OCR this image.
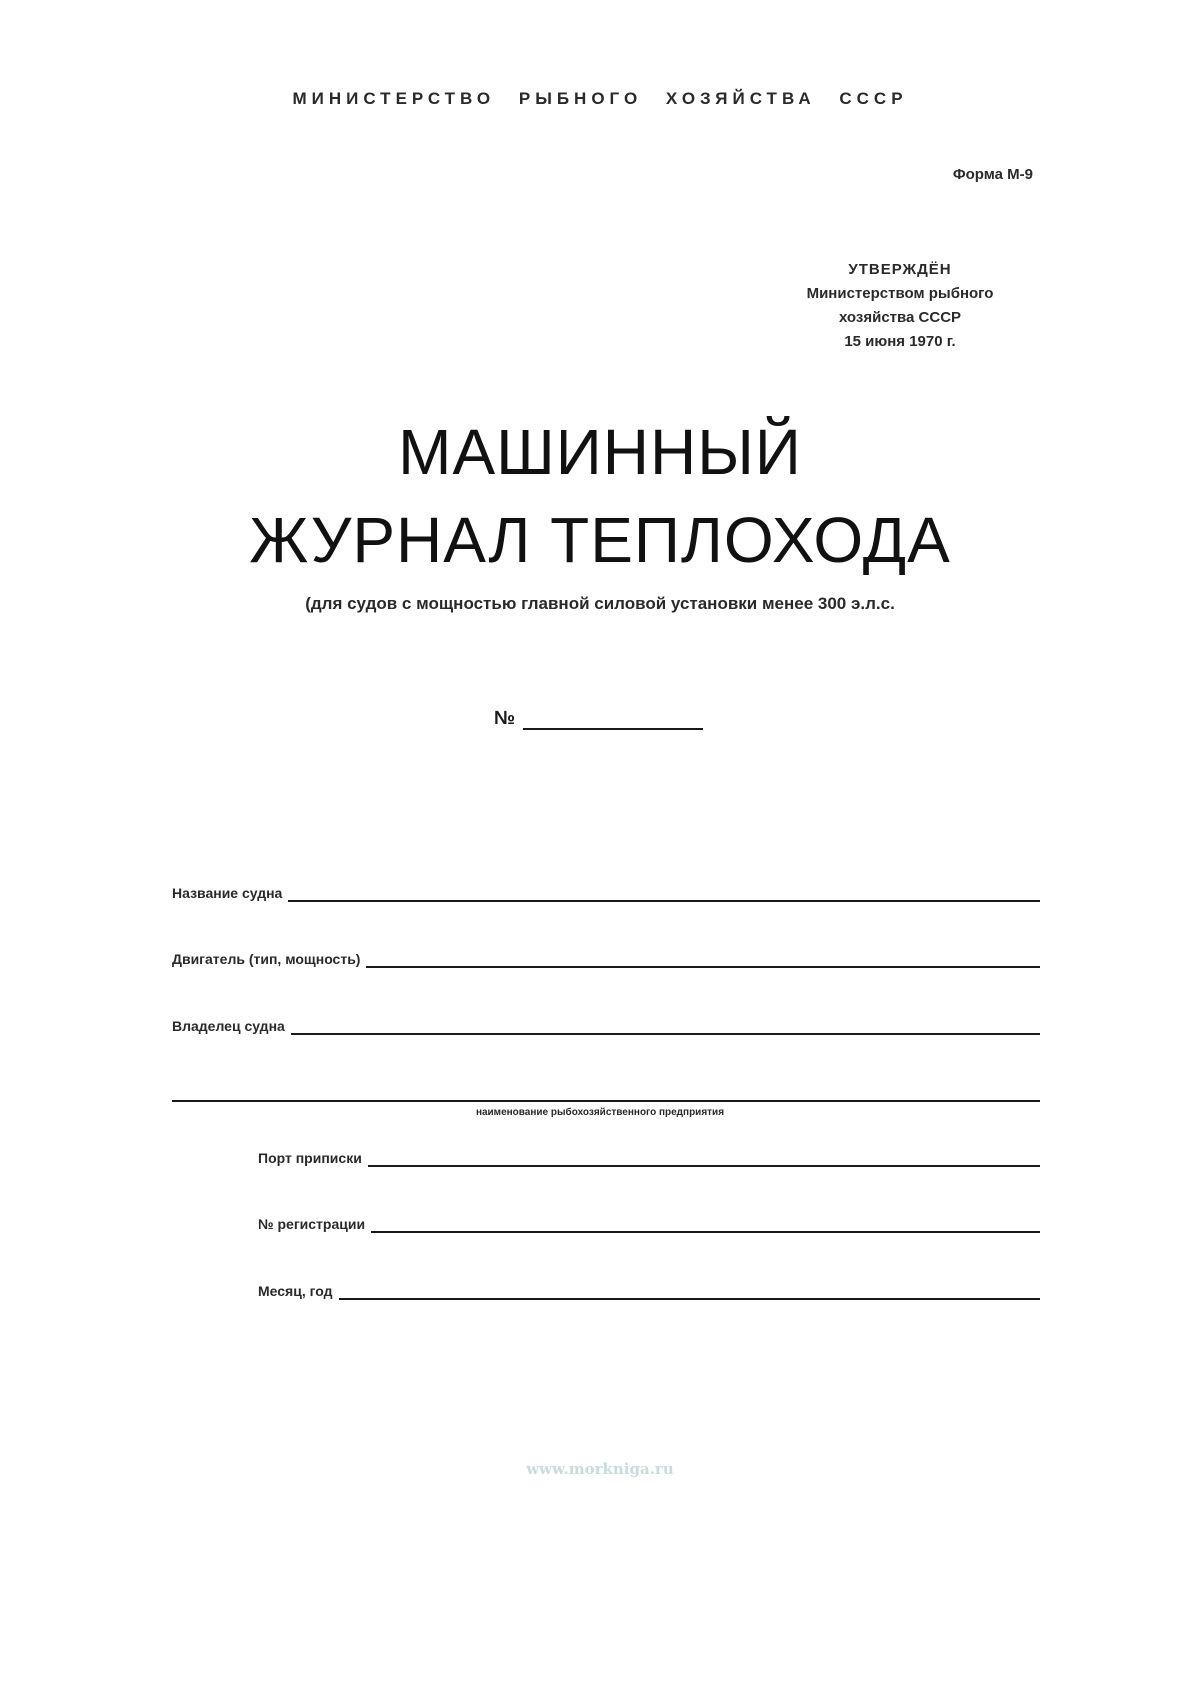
МИНИСТЕРСТВО РЫБНОГО ХОЗЯЙСТВА СССР
Форма М-9
УТВЕРЖДЁН
Министерством рыбного
хозяйства СССР
15 июня 1970 г.
МАШИННЫЙ
ЖУРНАЛ ТЕПЛОХОДА
(для судов с мощностью главной силовой установки менее 300 э.л.с.
№
Название судна
Двигатель (тип, мощность)
Владелец судна
наименование рыбохозяйственного предприятия
Порт приписки
№ регистрации
Месяц, год
www.morkniga.ru
